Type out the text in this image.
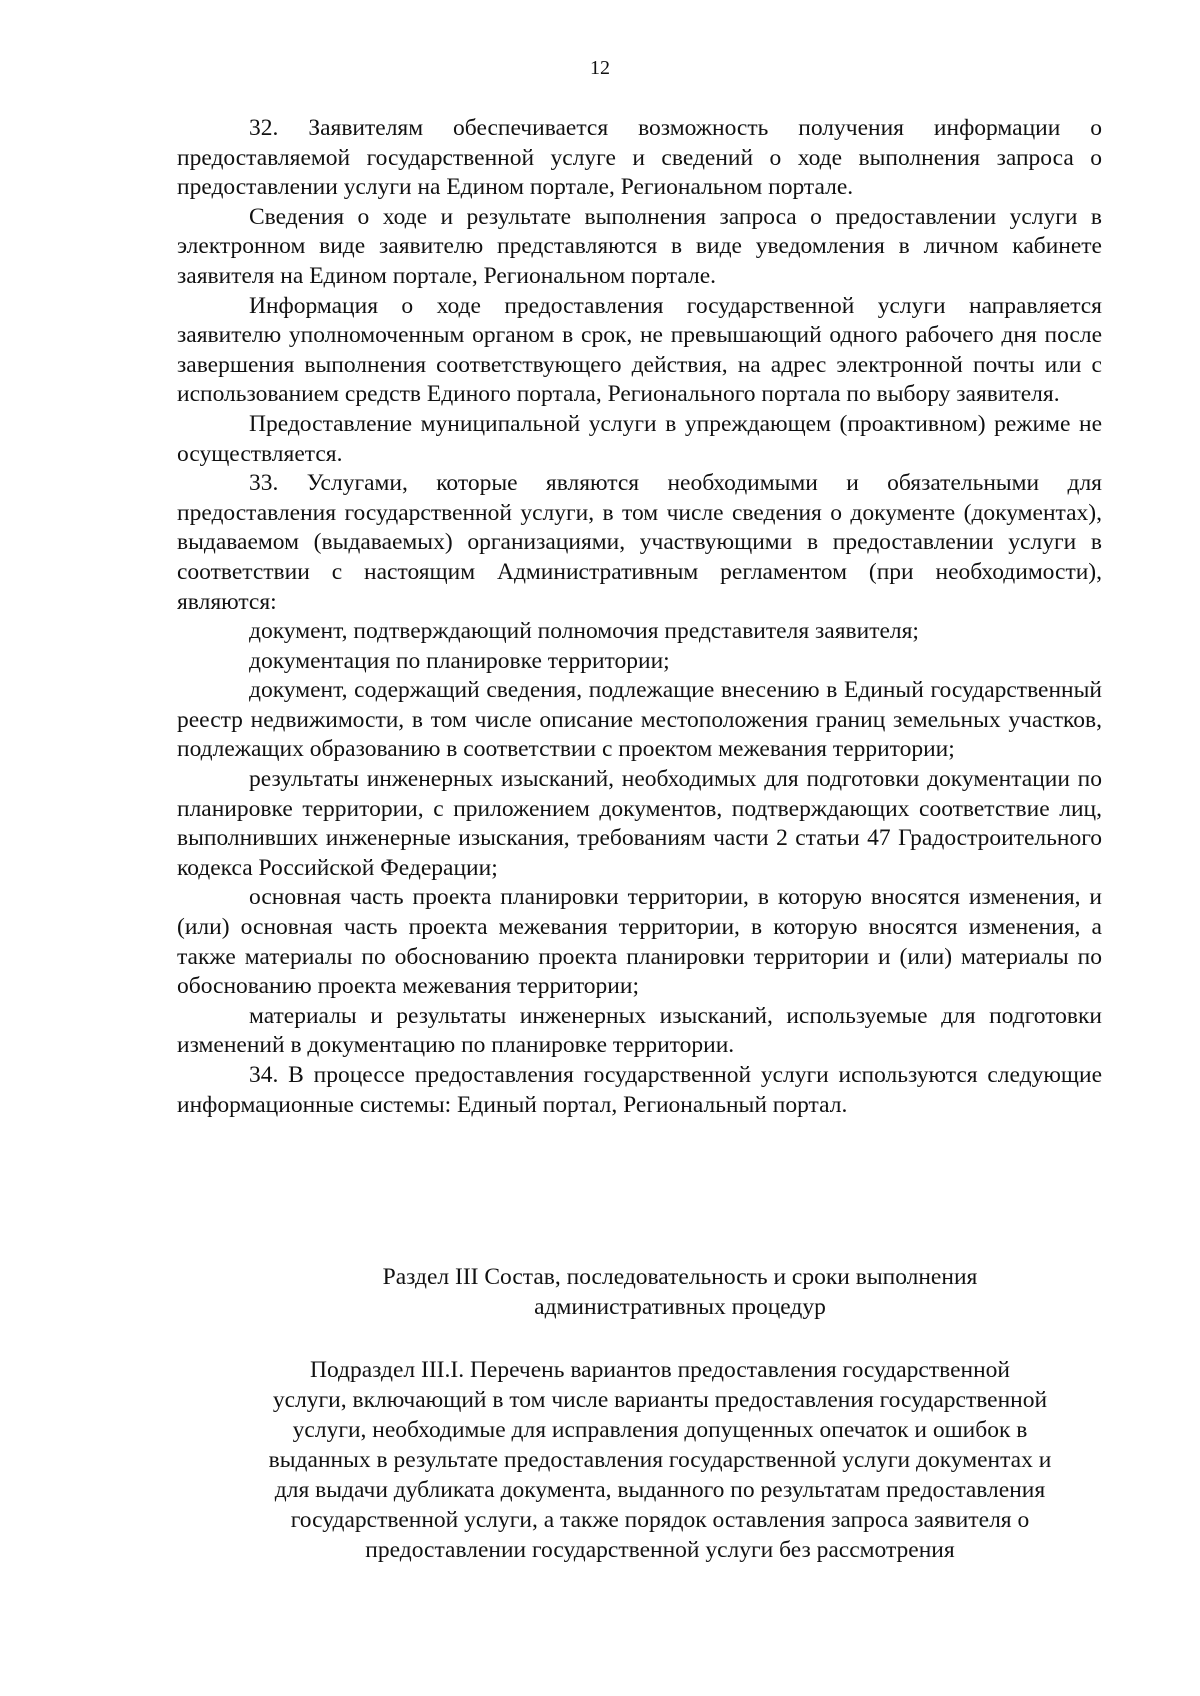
12

32. Заявителям обеспечивается возможность получения информации о предоставляемой государственной услуге и сведений о ходе выполнения запроса о предоставлении услуги на Едином портале, Региональном портале.

Сведения о ходе и результате выполнения запроса о предоставлении услуги в электронном виде заявителю представляются в виде уведомления в личном кабинете заявителя на Едином портале, Региональном портале.

Информация о ходе предоставления государственной услуги направляется заявителю уполномоченным органом в срок, не превышающий одного рабочего дня после завершения выполнения соответствующего действия, на адрес электронной почты или с использованием средств Единого портала, Регионального портала по выбору заявителя.

Предоставление муниципальной услуги в упреждающем (проактивном) режиме не осуществляется.

33. Услугами, которые являются необходимыми и обязательными для предоставления государственной услуги, в том числе сведения о документе (документах), выдаваемом (выдаваемых) организациями, участвующими в предоставлении услуги в соответствии с настоящим Административным регламентом (при необходимости), являются:

документ, подтверждающий полномочия представителя заявителя;

документация по планировке территории;

документ, содержащий сведения, подлежащие внесению в Единый государственный реестр недвижимости, в том числе описание местоположения границ земельных участков, подлежащих образованию в соответствии с проектом межевания территории;

результаты инженерных изысканий, необходимых для подготовки документации по планировке территории, с приложением документов, подтверждающих соответствие лиц, выполнивших инженерные изыскания, требованиям части 2 статьи 47 Градостроительного кодекса Российской Федерации;

основная часть проекта планировки территории, в которую вносятся изменения, и (или) основная часть проекта межевания территории, в которую вносятся изменения, а также материалы по обоснованию проекта планировки территории и (или) материалы по обоснованию проекта межевания территории;

материалы и результаты инженерных изысканий, используемые для подготовки изменений в документацию по планировке территории.

34. В процессе предоставления государственной услуги используются следующие информационные системы: Единый портал, Региональный портал.

Раздел III Состав, последовательность и сроки выполнения

административных процедур

Подраздел III.I. Перечень вариантов предоставления государственной

услуги, включающий в том числе варианты предоставления государственной

услуги, необходимые для исправления допущенных опечаток и ошибок в

выданных в результате предоставления государственной услуги документах и

для выдачи дубликата документа, выданного по результатам предоставления

государственной услуги, а также порядок оставления запроса заявителя о

предоставлении государственной услуги без рассмотрения
